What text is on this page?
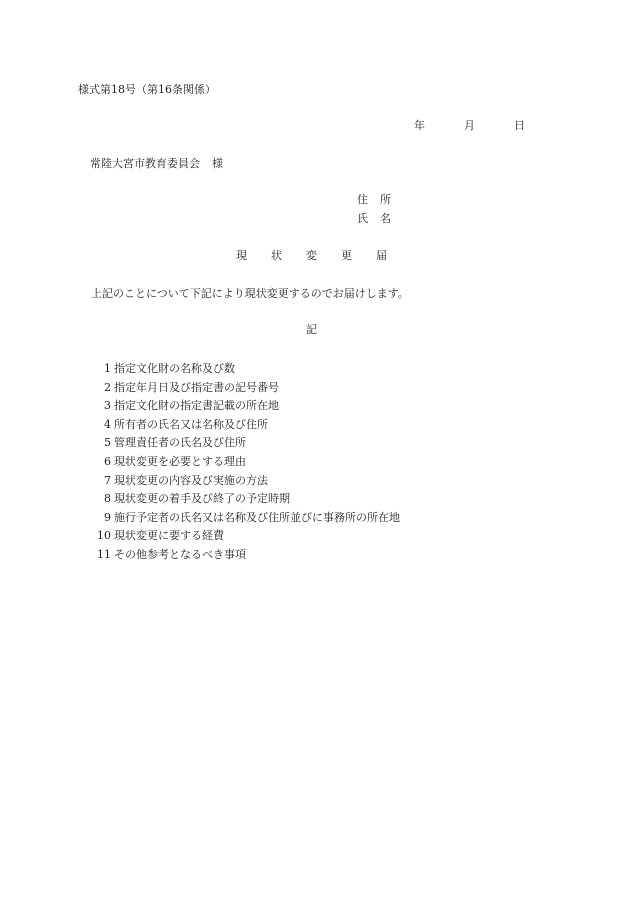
様式第18号（第16条関係）
年	月	日
常陸大宮市教育委員会 様
住所
氏名
現 状 変 更 届
上記のことについて下記により現状変更するのでお届けします。
記
1 指定文化財の名称及び数
2 指定年月日及び指定書の記号番号
3 指定文化財の指定書記載の所在地
4 所有者の氏名又は名称及び住所
5 管理責任者の氏名及び住所
6 現状変更を必要とする理由
7 現状変更の内容及び実施の方法
8 現状変更の着手及び終了の予定時期
9 施行予定者の氏名又は名称及び住所並びに事務所の所在地
10 現状変更に要する経費
11 その他参考となるべき事項
